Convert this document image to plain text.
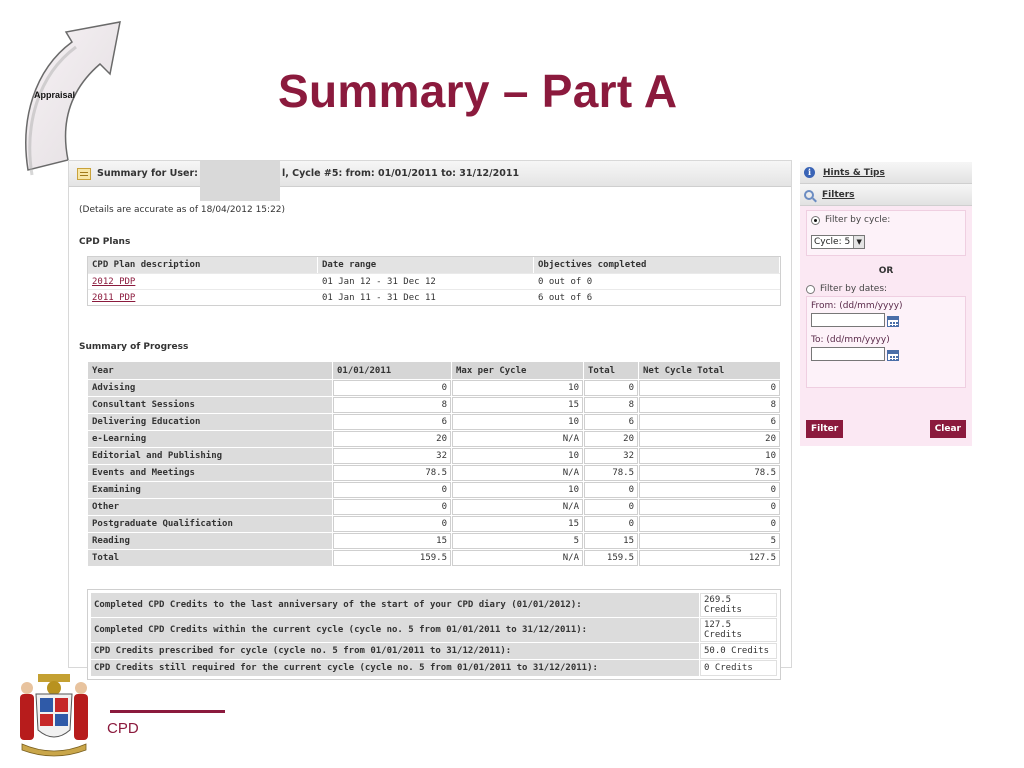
Appraisal	Summary – Part A
CPD
Summary for User:	l, Cycle #5: from: 01/01/2011 to: 31/12/2011
(Details are accurate as of 18/04/2012 15:22)
CPD Plans
CPD Plan description	Date range	Objectives completed
2012 PDP	01 Jan 12 - 31 Dec 12	0 out of 0
2011 PDP	01 Jan 11 - 31 Dec 11	6 out of 6
Summary of Progress
Year	01/01/2011	Max per Cycle	Total	Net Cycle Total
Advising	0	10	0	0
Consultant Sessions	8	15	8	8
Delivering Education	6	10	6	6
e-Learning	20	N/A	20	20
Editorial and Publishing	32	10	32	10
Events and Meetings	78.5	N/A	78.5	78.5
Examining	0	10	0	0
Other	0	N/A	0	0
Postgraduate Qualification	0	15	0	0
Reading	15	5	15	5
Total	159.5	N/A	159.5	127.5
Completed CPD Credits to the last anniversary of the start of your CPD diary (01/01/2012):	269.5 Credits
Completed CPD Credits within the current cycle (cycle no. 5 from 01/01/2011 to 31/12/2011):	127.5 Credits
CPD Credits prescribed for cycle (cycle no. 5 from 01/01/2011 to 31/12/2011):	50.0 Credits
CPD Credits still required for the current cycle (cycle no. 5 from 01/01/2011 to 31/12/2011):	0 Credits
i	Hints & Tips
Filters
Filter by cycle:
Cycle: 5 ▼
OR
Filter by dates:
From: (dd/mm/yyyy)
To: (dd/mm/yyyy)
Filter	Clear
